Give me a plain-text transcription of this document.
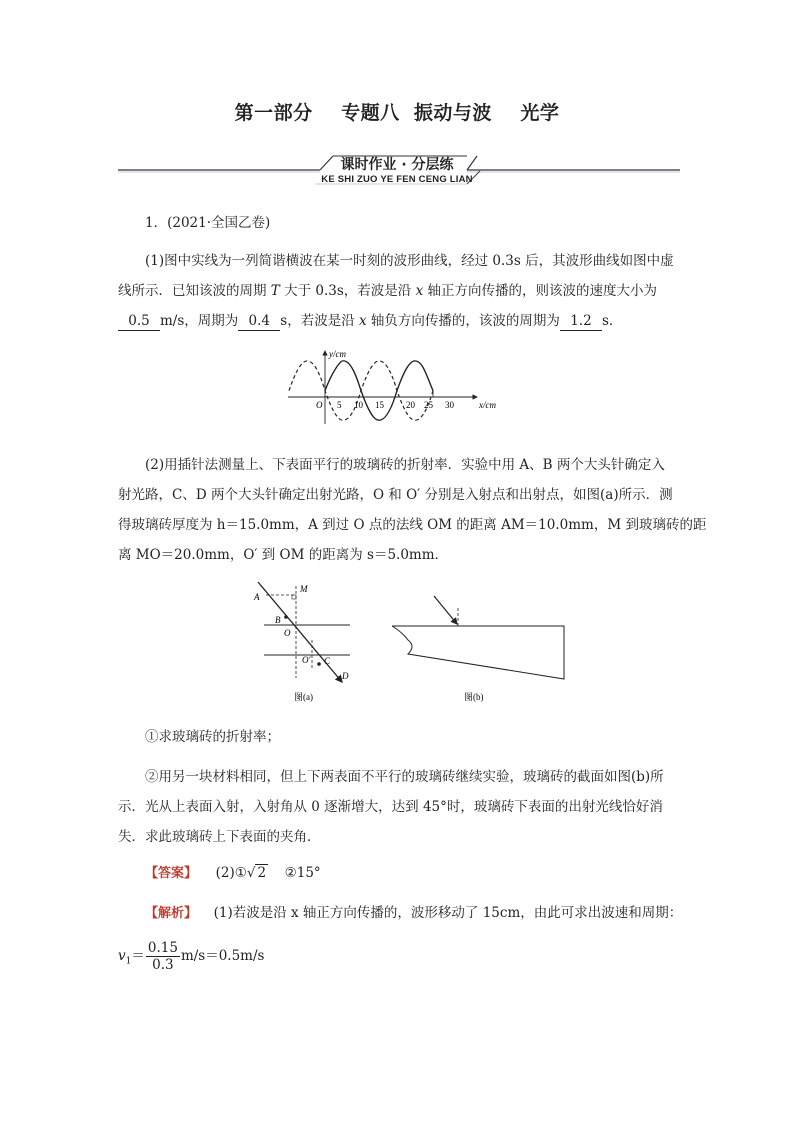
第一部分    专题八  振动与波    光学
课时作业 · 分层练
KE SHI ZUO YE FEN CENG LIAN
1．(2021·全国乙卷)
(1)图中实线为一列简谐横波在某一时刻的波形曲线，经过 0.3s 后，其波形曲线如图中虚
线所示．已知该波的周期 T 大于 0.3s，若波是沿 x 轴正方向传播的，则该波的速度大小为
0.5 m/s，周期为 0.4 s，若波是沿 x 轴负方向传播的，该波的周期为 1.2 s．
y/cm
x/cm
O 5 10 15 20 25 30
(2)用插针法测量上、下表面平行的玻璃砖的折射率．实验中用 A、B 两个大头针确定入
射光路，C、D 两个大头针确定出射光路，O 和 O′ 分别是入射点和出射点，如图(a)所示．测
得玻璃砖厚度为 h＝15.0mm，A 到过 O 点的法线 OM 的距离 AM＝10.0mm，M 到玻璃砖的距
离 MO＝20.0mm，O′ 到 OM 的距离为 s＝5.0mm．
A
M
B
O
O′ C
D
图(a)	图(b)
①求玻璃砖的折射率；
②用另一块材料相同，但上下两表面不平行的玻璃砖继续实验，玻璃砖的截面如图(b)所
示．光从上表面入射，入射角从 0 逐渐增大，达到 45°时，玻璃砖下表面的出射光线恰好消
失．求此玻璃砖上下表面的夹角．
【答案】 (2)①√ 2 ②15°
【解析】 (1)若波是沿 x 轴正方向传播的，波形移动了 15cm，由此可求出波速和周期：
$v_1= \frac{0.15}{0.3} m/s=0.5m/s$
